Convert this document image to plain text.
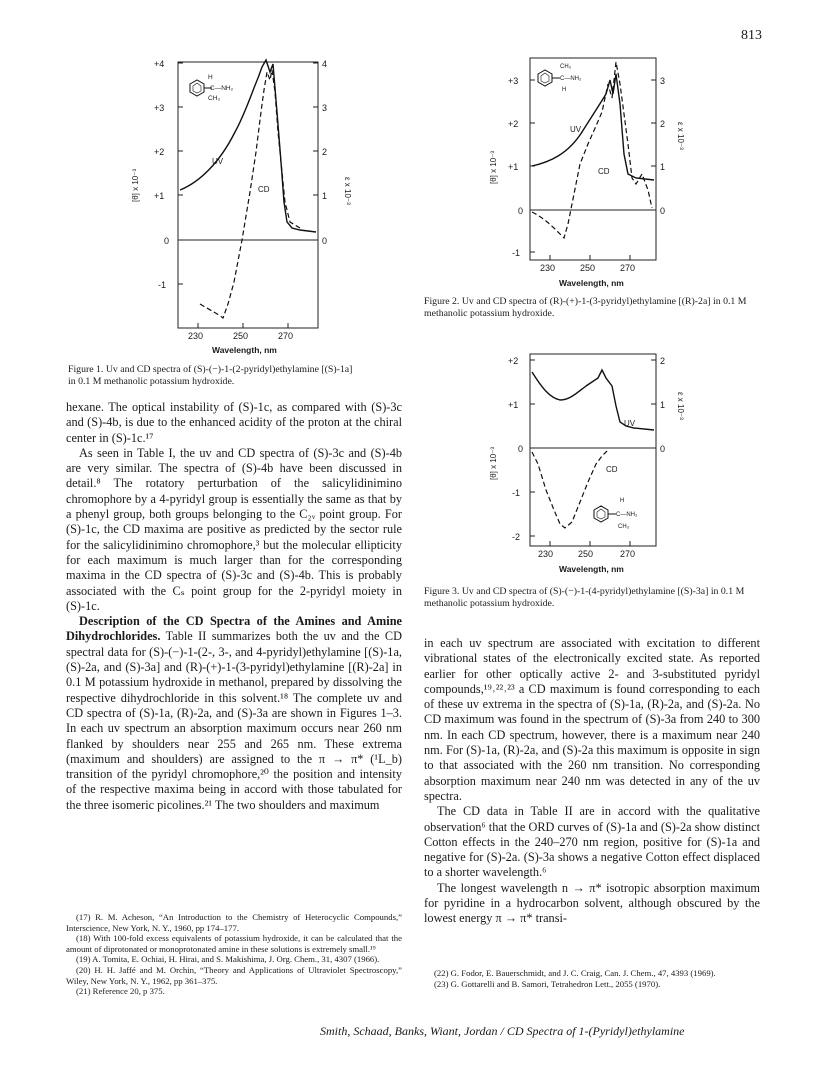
813
+4
+3
+2
+1
0
-1
4
3
2
1
0
230	250	270
Wavelength, nm
[θ] x 10⁻³	ε x 10⁻³
UV
CD
H
C—NH₂
CH₃
Figure 1. Uv and CD spectra of (S)-(−)-1-(2-pyridyl)ethylamine [(S)-1a] in 0.1 M methanolic potassium hydroxide.
+3
+2
+1
0
-1
3
2
1
0
230	250	270
Wavelength, nm
[θ] x 10⁻³
ε x 10⁻³
UV
CD
CH₃
C—NH₂
H
Figure 2. Uv and CD spectra of (R)-(+)-1-(3-pyridyl)ethylamine [(R)-2a] in 0.1 M methanolic potassium hydroxide.
+2
+1
0
-1
-2
2
1
0
230	250	270
Wavelength, nm
[θ] x 10⁻³
ε x 10⁻³
UV
CD
H
C—NH₂
CH₃
Figure 3. Uv and CD spectra of (S)-(−)-1-(4-pyridyl)ethylamine [(S)-3a] in 0.1 M methanolic potassium hydroxide.

hexane. The optical instability of (S)-1c, as compared with (S)-3c and (S)-4b, is due to the enhanced acidity of the proton at the chiral center in (S)-1c.¹⁷

As seen in Table I, the uv and CD spectra of (S)-3c and (S)-4b are very similar. The spectra of (S)-4b have been discussed in detail.⁸ The rotatory perturbation of the salicylidinimino chromophore by a 4-pyridyl group is essentially the same as that by a phenyl group, both groups belonging to the C₂ᵥ point group. For (S)-1c, the CD maxima are positive as predicted by the sector rule for the salicylidinimino chromophore,³ but the molecular ellipticity for each maximum is much larger than for the corresponding maxima in the CD spectra of (S)-3c and (S)-4b. This is probably associated with the Cₛ point group for the 2-pyridyl moiety in (S)-1c.

Description of the CD Spectra of the Amines and Amine Dihydrochlorides. Table II summarizes both the uv and the CD spectral data for (S)-(−)-1-(2-, 3-, and 4-pyridyl)ethylamine [(S)-1a, (S)-2a, and (S)-3a] and (R)-(+)-1-(3-pyridyl)ethylamine [(R)-2a] in 0.1 M potassium hydroxide in methanol, prepared by dissolving the respective dihydrochloride in this solvent.¹⁸ The complete uv and CD spectra of (S)-1a, (R)-2a, and (S)-3a are shown in Figures 1–3. In each uv spectrum an absorption maximum occurs near 260 nm flanked by shoulders near 255 and 265 nm. These extrema (maximum and shoulders) are assigned to the π → π* (¹L_b) transition of the pyridyl chromophore,²⁰ the position and intensity of the respective maxima being in accord with those tabulated for the three isomeric picolines.²¹ The two shoulders and maximum

(17) R. M. Acheson, “An Introduction to the Chemistry of Heterocyclic Compounds,” Interscience, New York, N. Y., 1960, pp 174–177.
(18) With 100-fold excess equivalents of potassium hydroxide, it can be calculated that the amount of diprotonated or monoprotonated amine in these solutions is extremely small.¹⁹
(19) A. Tomita, E. Ochiai, H. Hirai, and S. Makishima, J. Org. Chem., 31, 4307 (1966).
(20) H. H. Jaffé and M. Orchin, “Theory and Applications of Ultraviolet Spectroscopy,” Wiley, New York, N. Y., 1962, pp 361–375.
(21) Reference 20, p 375.

in each uv spectrum are associated with excitation to different vibrational states of the electronically excited state. As reported earlier for other optically active 2- and 3-substituted pyridyl compounds,¹⁹˒²²˒²³ a CD maximum is found corresponding to each of these uv extrema in the spectra of (S)-1a, (R)-2a, and (S)-2a. No CD maximum was found in the spectrum of (S)-3a from 240 to 300 nm. In each CD spectrum, however, there is a maximum near 240 nm. For (S)-1a, (R)-2a, and (S)-2a this maximum is opposite in sign to that associated with the 260 nm transition. No corresponding absorption maximum near 240 nm was detected in any of the uv spectra.

The CD data in Table II are in accord with the qualitative observation⁶ that the ORD curves of (S)-1a and (S)-2a show distinct Cotton effects in the 240–270 nm region, positive for (S)-1a and negative for (S)-2a. (S)-3a shows a negative Cotton effect displaced to a shorter wavelength.⁶

The longest wavelength n → π* isotropic absorption maximum for pyridine in a hydrocarbon solvent, although obscured by the lowest energy π → π* transi-

(22) G. Fodor, E. Bauerschmidt, and J. C. Craig, Can. J. Chem., 47, 4393 (1969).
(23) G. Gottarelli and B. Samori, Tetrahedron Lett., 2055 (1970).
Smith, Schaad, Banks, Wiant, Jordan / CD Spectra of 1-(Pyridyl)ethylamine
